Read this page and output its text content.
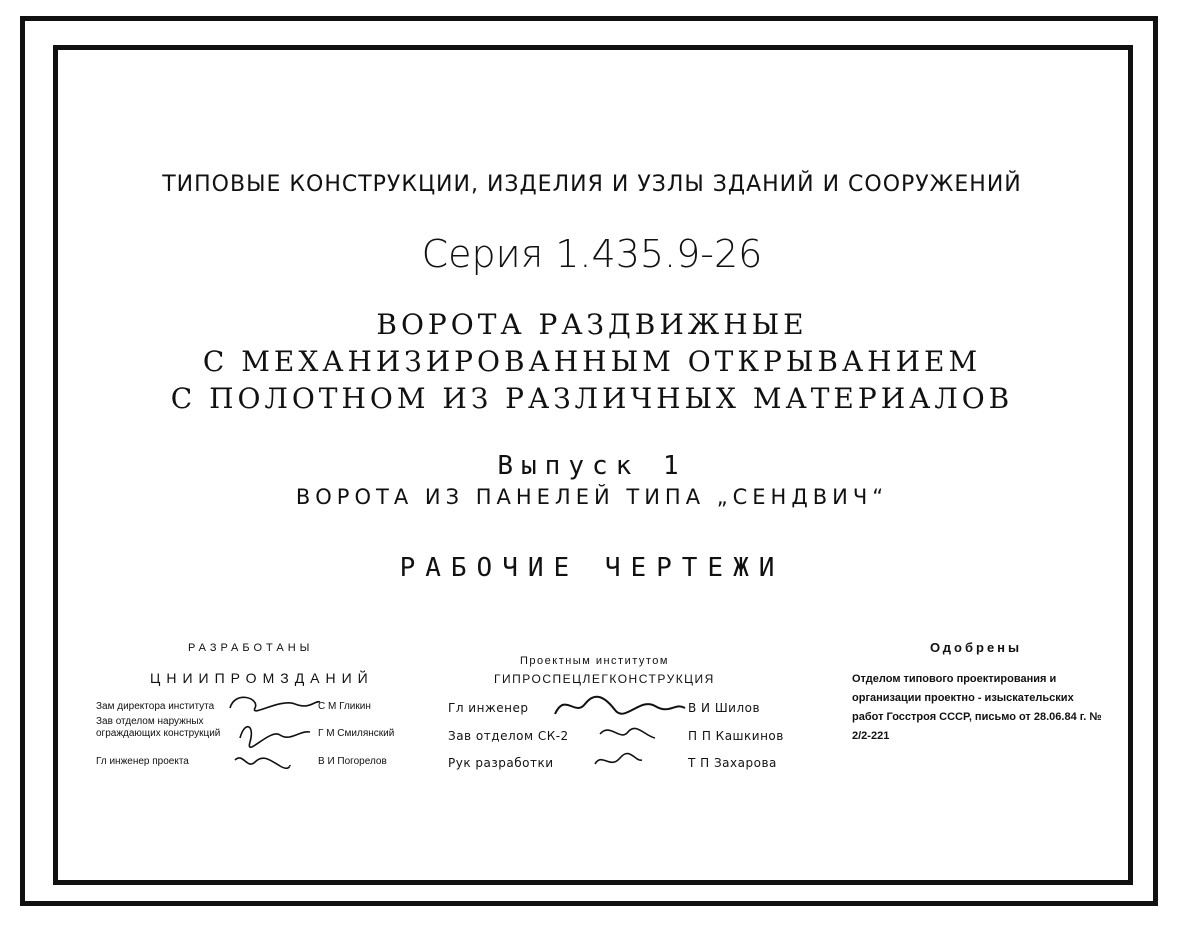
ТИПОВЫЕ КОНСТРУКЦИИ, ИЗДЕЛИЯ И УЗЛЫ ЗДАНИЙ И СООРУЖЕНИЙ
Серия 1.435.9-26
ВОРОТА РАЗДВИЖНЫЕ
С МЕХАНИЗИРОВАННЫМ ОТКРЫВАНИЕМ
С ПОЛОТНОМ ИЗ РАЗЛИЧНЫХ МАТЕРИАЛОВ
Выпуск 1
ВОРОТА ИЗ ПАНЕЛЕЙ ТИПА „СЕНДВИЧ“
РАБОЧИЕ ЧЕРТЕЖИ
РАЗРАБОТАНЫ
ЦНИИПРОМЗДАНИЙ
Зам директора института	С М Гликин
Зав отделом наружных ограждающих конструкций	Г М Смилянский
Гл инженер проекта	В И Погорелов
Проектным институтом
ГИПРОСПЕЦЛЕГКОНСТРУКЦИЯ
Гл инженер	В И Шилов
Зав отделом СК-2	П П Кашкинов
Рук разработки	Т П Захарова
Одобрены
Отделом типового проектирования и организации проектно - изыскательских работ Госстроя СССР, письмо от 28.06.84 г. № 2/2-221
